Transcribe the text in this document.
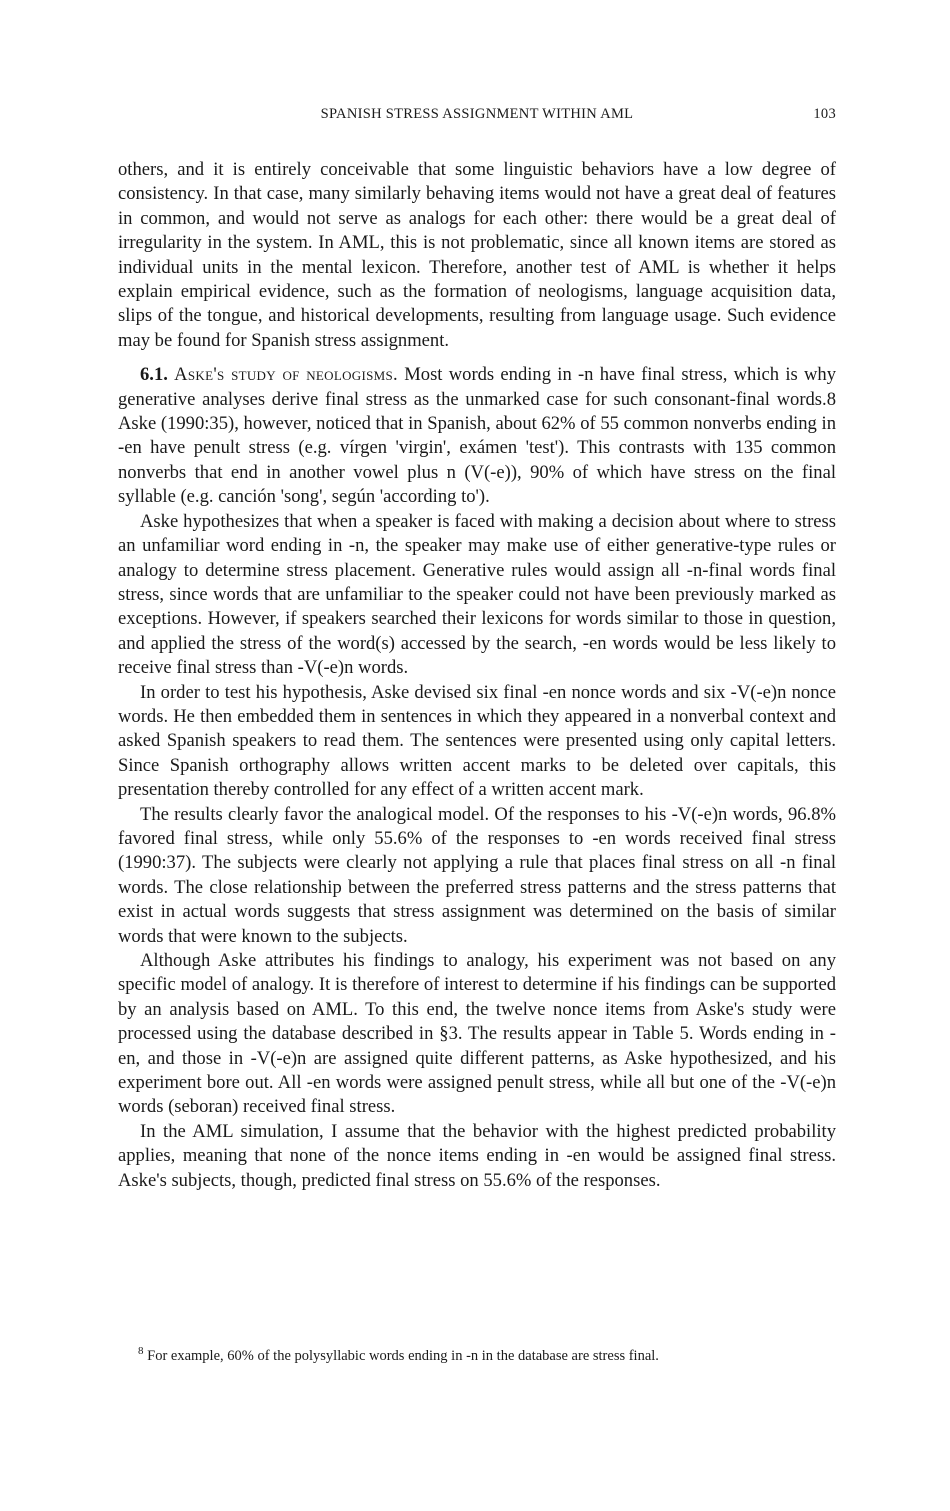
SPANISH STRESS ASSIGNMENT WITHIN AML	103

others, and it is entirely conceivable that some linguistic behaviors have a low degree of consistency. In that case, many similarly behaving items would not have a great deal of features in common, and would not serve as analogs for each other: there would be a great deal of irregularity in the system. In AML, this is not problematic, since all known items are stored as individual units in the mental lexicon. Therefore, another test of AML is whether it helps explain empirical evidence, such as the formation of neologisms, language acquisition data, slips of the tongue, and historical developments, resulting from language usage. Such evidence may be found for Spanish stress assignment.

6.1. Aske's study of neologisms. Most words ending in -n have final stress, which is why generative analyses derive final stress as the unmarked case for such consonant-final words.8 Aske (1990:35), however, noticed that in Spanish, about 62% of 55 common nonverbs ending in -en have penult stress (e.g. vírgen 'virgin', exámen 'test'). This contrasts with 135 common nonverbs that end in another vowel plus n (V(-e)), 90% of which have stress on the final syllable (e.g. canción 'song', según 'according to').

Aske hypothesizes that when a speaker is faced with making a decision about where to stress an unfamiliar word ending in -n, the speaker may make use of either generative-type rules or analogy to determine stress placement. Generative rules would assign all -n-final words final stress, since words that are unfamiliar to the speaker could not have been previously marked as exceptions. However, if speakers searched their lexicons for words similar to those in question, and applied the stress of the word(s) accessed by the search, -en words would be less likely to receive final stress than -V(-e)n words.

In order to test his hypothesis, Aske devised six final -en nonce words and six -V(-e)n nonce words. He then embedded them in sentences in which they appeared in a nonverbal context and asked Spanish speakers to read them. The sentences were presented using only capital letters. Since Spanish orthography allows written accent marks to be deleted over capitals, this presentation thereby controlled for any effect of a written accent mark.

The results clearly favor the analogical model. Of the responses to his -V(-e)n words, 96.8% favored final stress, while only 55.6% of the responses to -en words received final stress (1990:37). The subjects were clearly not applying a rule that places final stress on all -n final words. The close relationship between the preferred stress patterns and the stress patterns that exist in actual words suggests that stress assignment was determined on the basis of similar words that were known to the subjects.

Although Aske attributes his findings to analogy, his experiment was not based on any specific model of analogy. It is therefore of interest to determine if his findings can be supported by an analysis based on AML. To this end, the twelve nonce items from Aske's study were processed using the database described in §3. The results appear in Table 5. Words ending in -en, and those in -V(-e)n are assigned quite different patterns, as Aske hypothesized, and his experiment bore out. All -en words were assigned penult stress, while all but one of the -V(-e)n words (seboran) received final stress.

In the AML simulation, I assume that the behavior with the highest predicted probability applies, meaning that none of the nonce items ending in -en would be assigned final stress. Aske's subjects, though, predicted final stress on 55.6% of the responses.

$^8$ For example, 60% of the polysyllabic words ending in -n in the database are stress final.
